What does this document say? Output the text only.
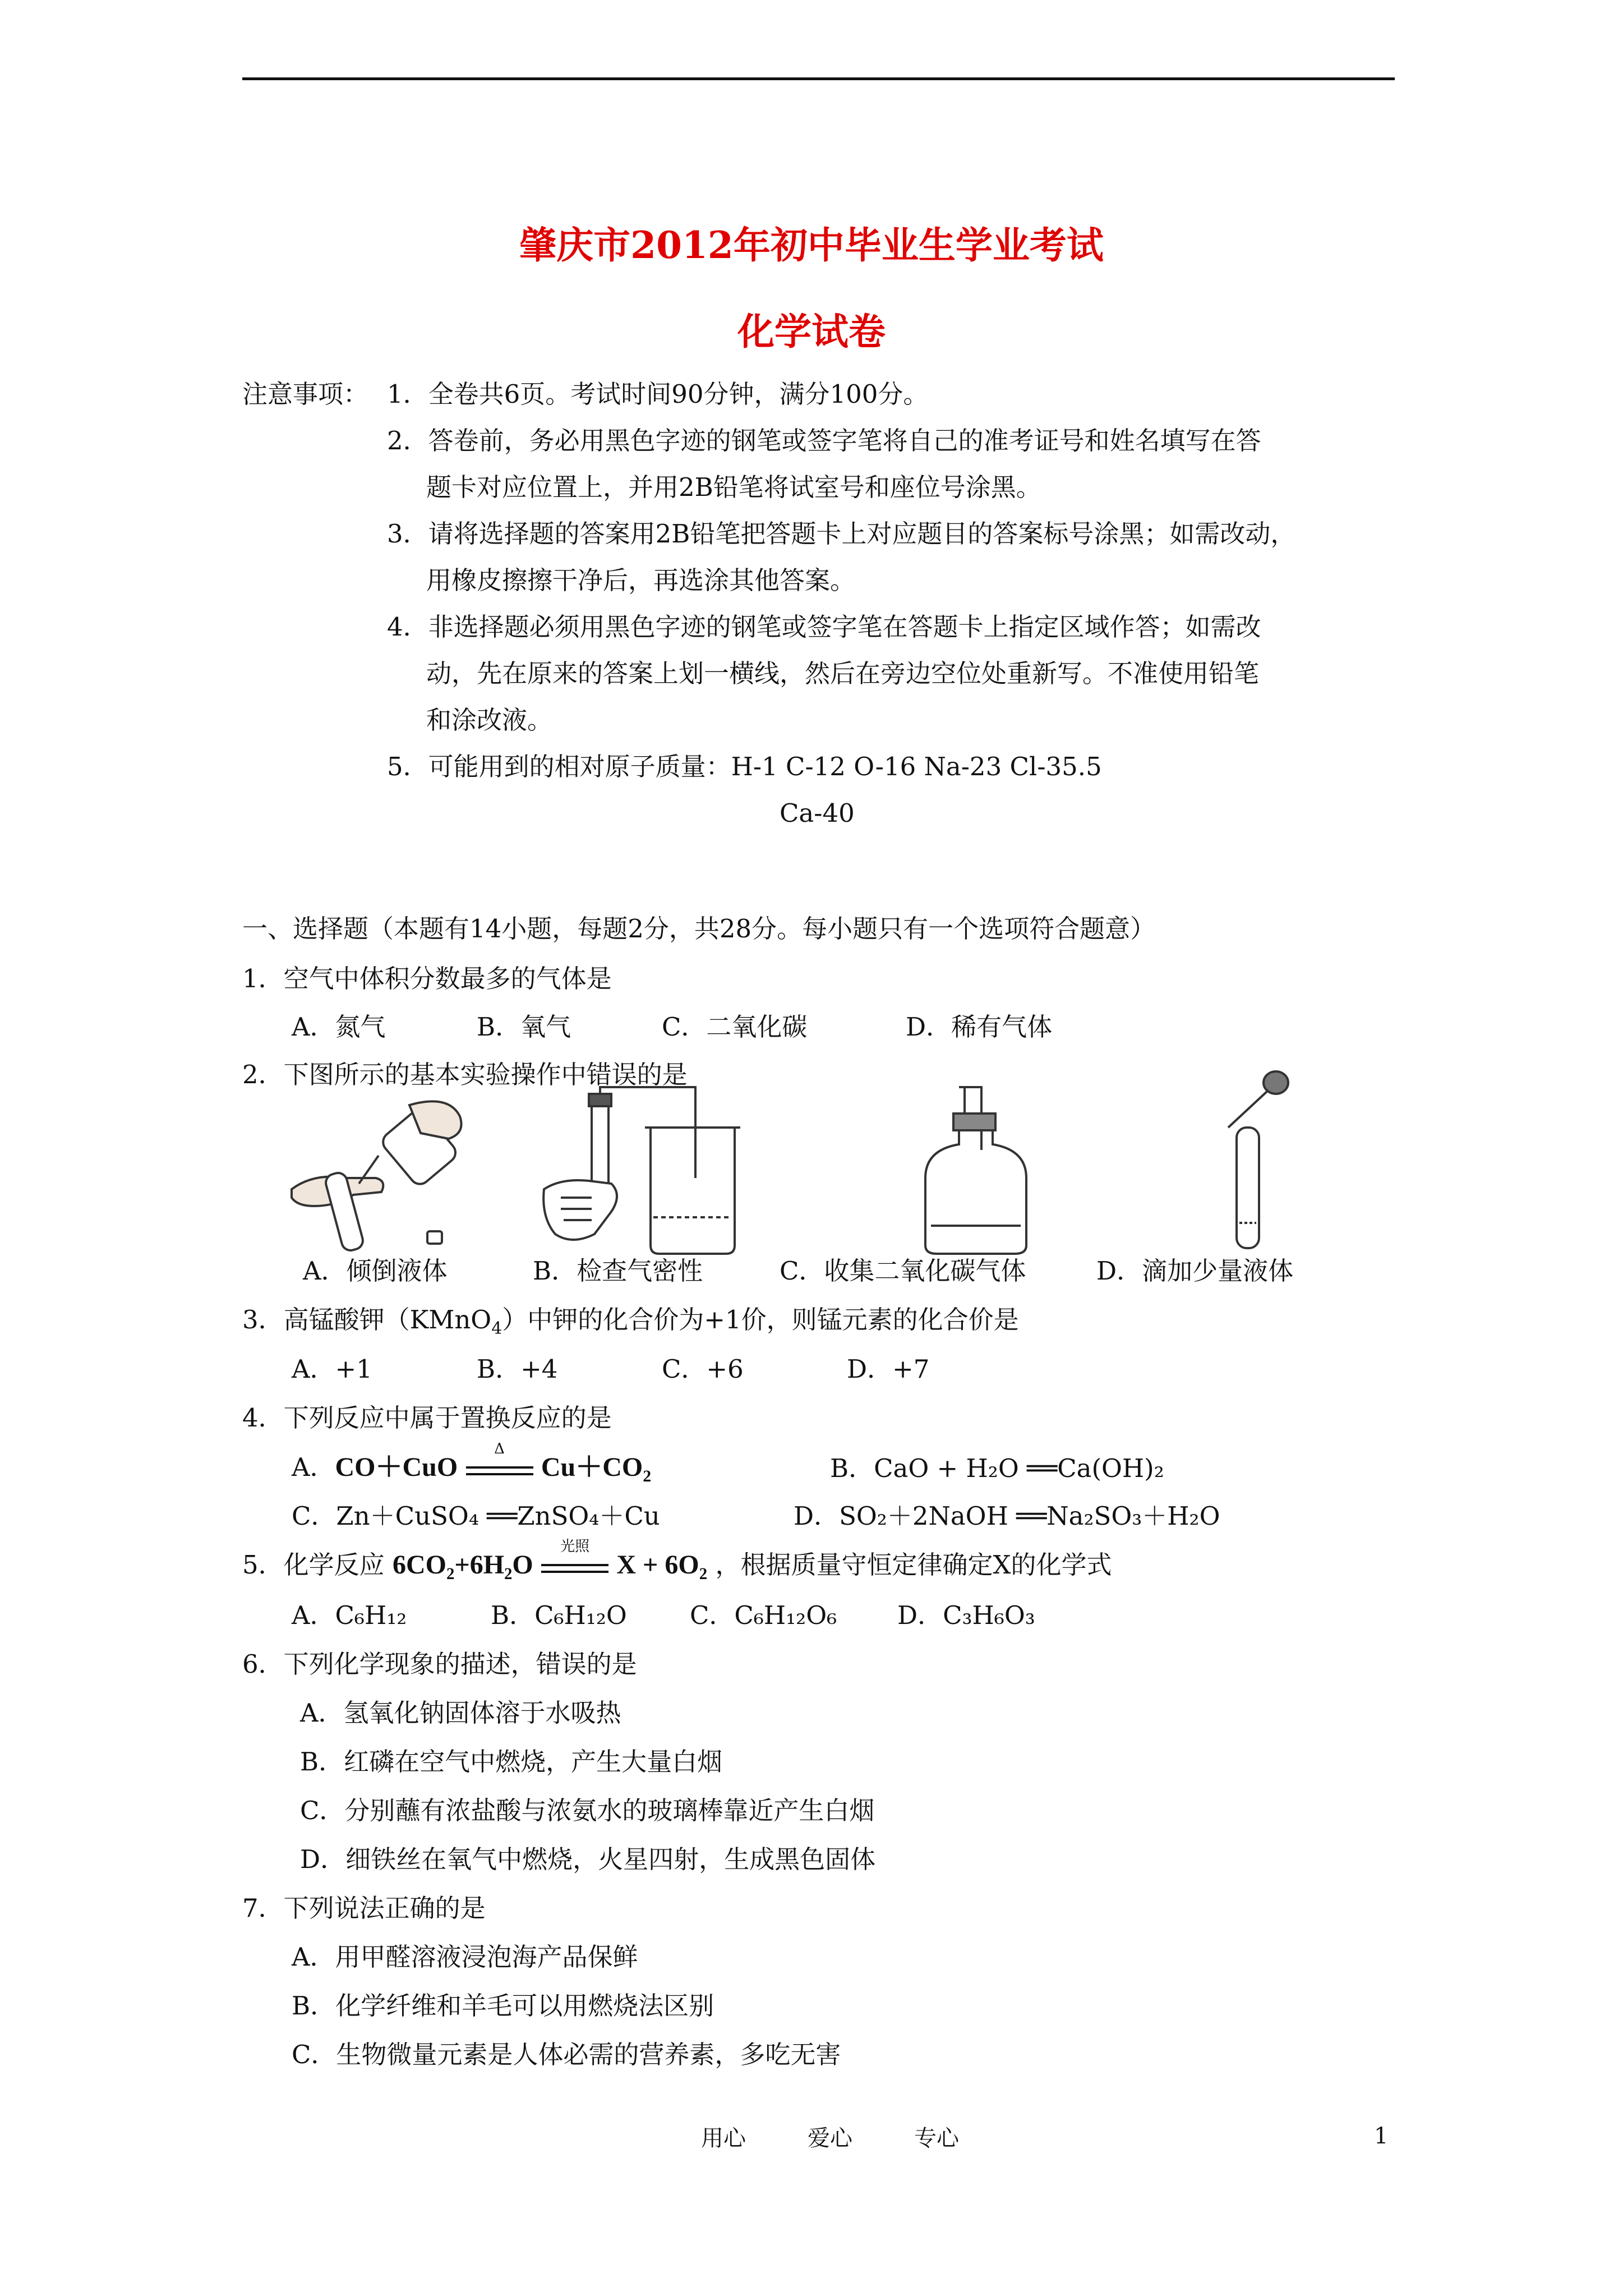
肇庆市2012年初中毕业生学业考试
化学试卷
注意事项： 1．全卷共6页。考试时间90分钟，满分100分。
2．答卷前，务必用黑色字迹的钢笔或签字笔将自己的准考证号和姓名填写在答
题卡对应位置上，并用2B铅笔将试室号和座位号涂黑。
3．请将选择题的答案用2B铅笔把答题卡上对应题目的答案标号涂黑；如需改动，
用橡皮擦擦干净后，再选涂其他答案。
4．非选择题必须用黑色字迹的钢笔或签字笔在答题卡上指定区域作答；如需改
动，先在原来的答案上划一横线，然后在旁边空位处重新写。不准使用铅笔
和涂改液。
5．可能用到的相对原子质量：H-1 C-12 O-16 Na-23 Cl-35.5
Ca-40
一、选择题（本题有14小题，每题2分，共28分。每小题只有一个选项符合题意）
1．空气中体积分数最多的气体是
A．氮气	B．氧气	C．二氧化碳	D．稀有气体
2．下图所示的基本实验操作中错误的是
A．倾倒液体	B．检查气密性	C．收集二氧化碳气体	D．滴加少量液体
3．高锰酸钾（KMnO$_4$）中钾的化合价为+1价，则锰元素的化合价是
A．+1	B．+4	C．+6	D．+7
4．下列反应中属于置换反应的是
A．CO＋CuO
Δ
$Cu+CO_2$	B．CaO + H₂O ══Ca(OH)₂
C．Zn＋CuSO₄ ══ZnSO₄＋Cu	D．SO₂＋2NaOH ══Na₂SO₃＋H₂O
5．化学反应 6CO₂+6H₂O
光照
X + 6O₂ ，根据质量守恒定律确定X的化学式
A．C₆H₁₂	B．C₆H₁₂O C．C₆H₁₂O₆ D．C₃H₆O₃
6．下列化学现象的描述，错误的是
A．氢氧化钠固体溶于水吸热
B．红磷在空气中燃烧，产生大量白烟
C．分别蘸有浓盐酸与浓氨水的玻璃棒靠近产生白烟
D．细铁丝在氧气中燃烧，火星四射，生成黑色固体
7．下列说法正确的是
A．用甲醛溶液浸泡海产品保鲜
B．化学纤维和羊毛可以用燃烧法区别
C．生物微量元素是人体必需的营养素，多吃无害
用心	爱心	专心	1
